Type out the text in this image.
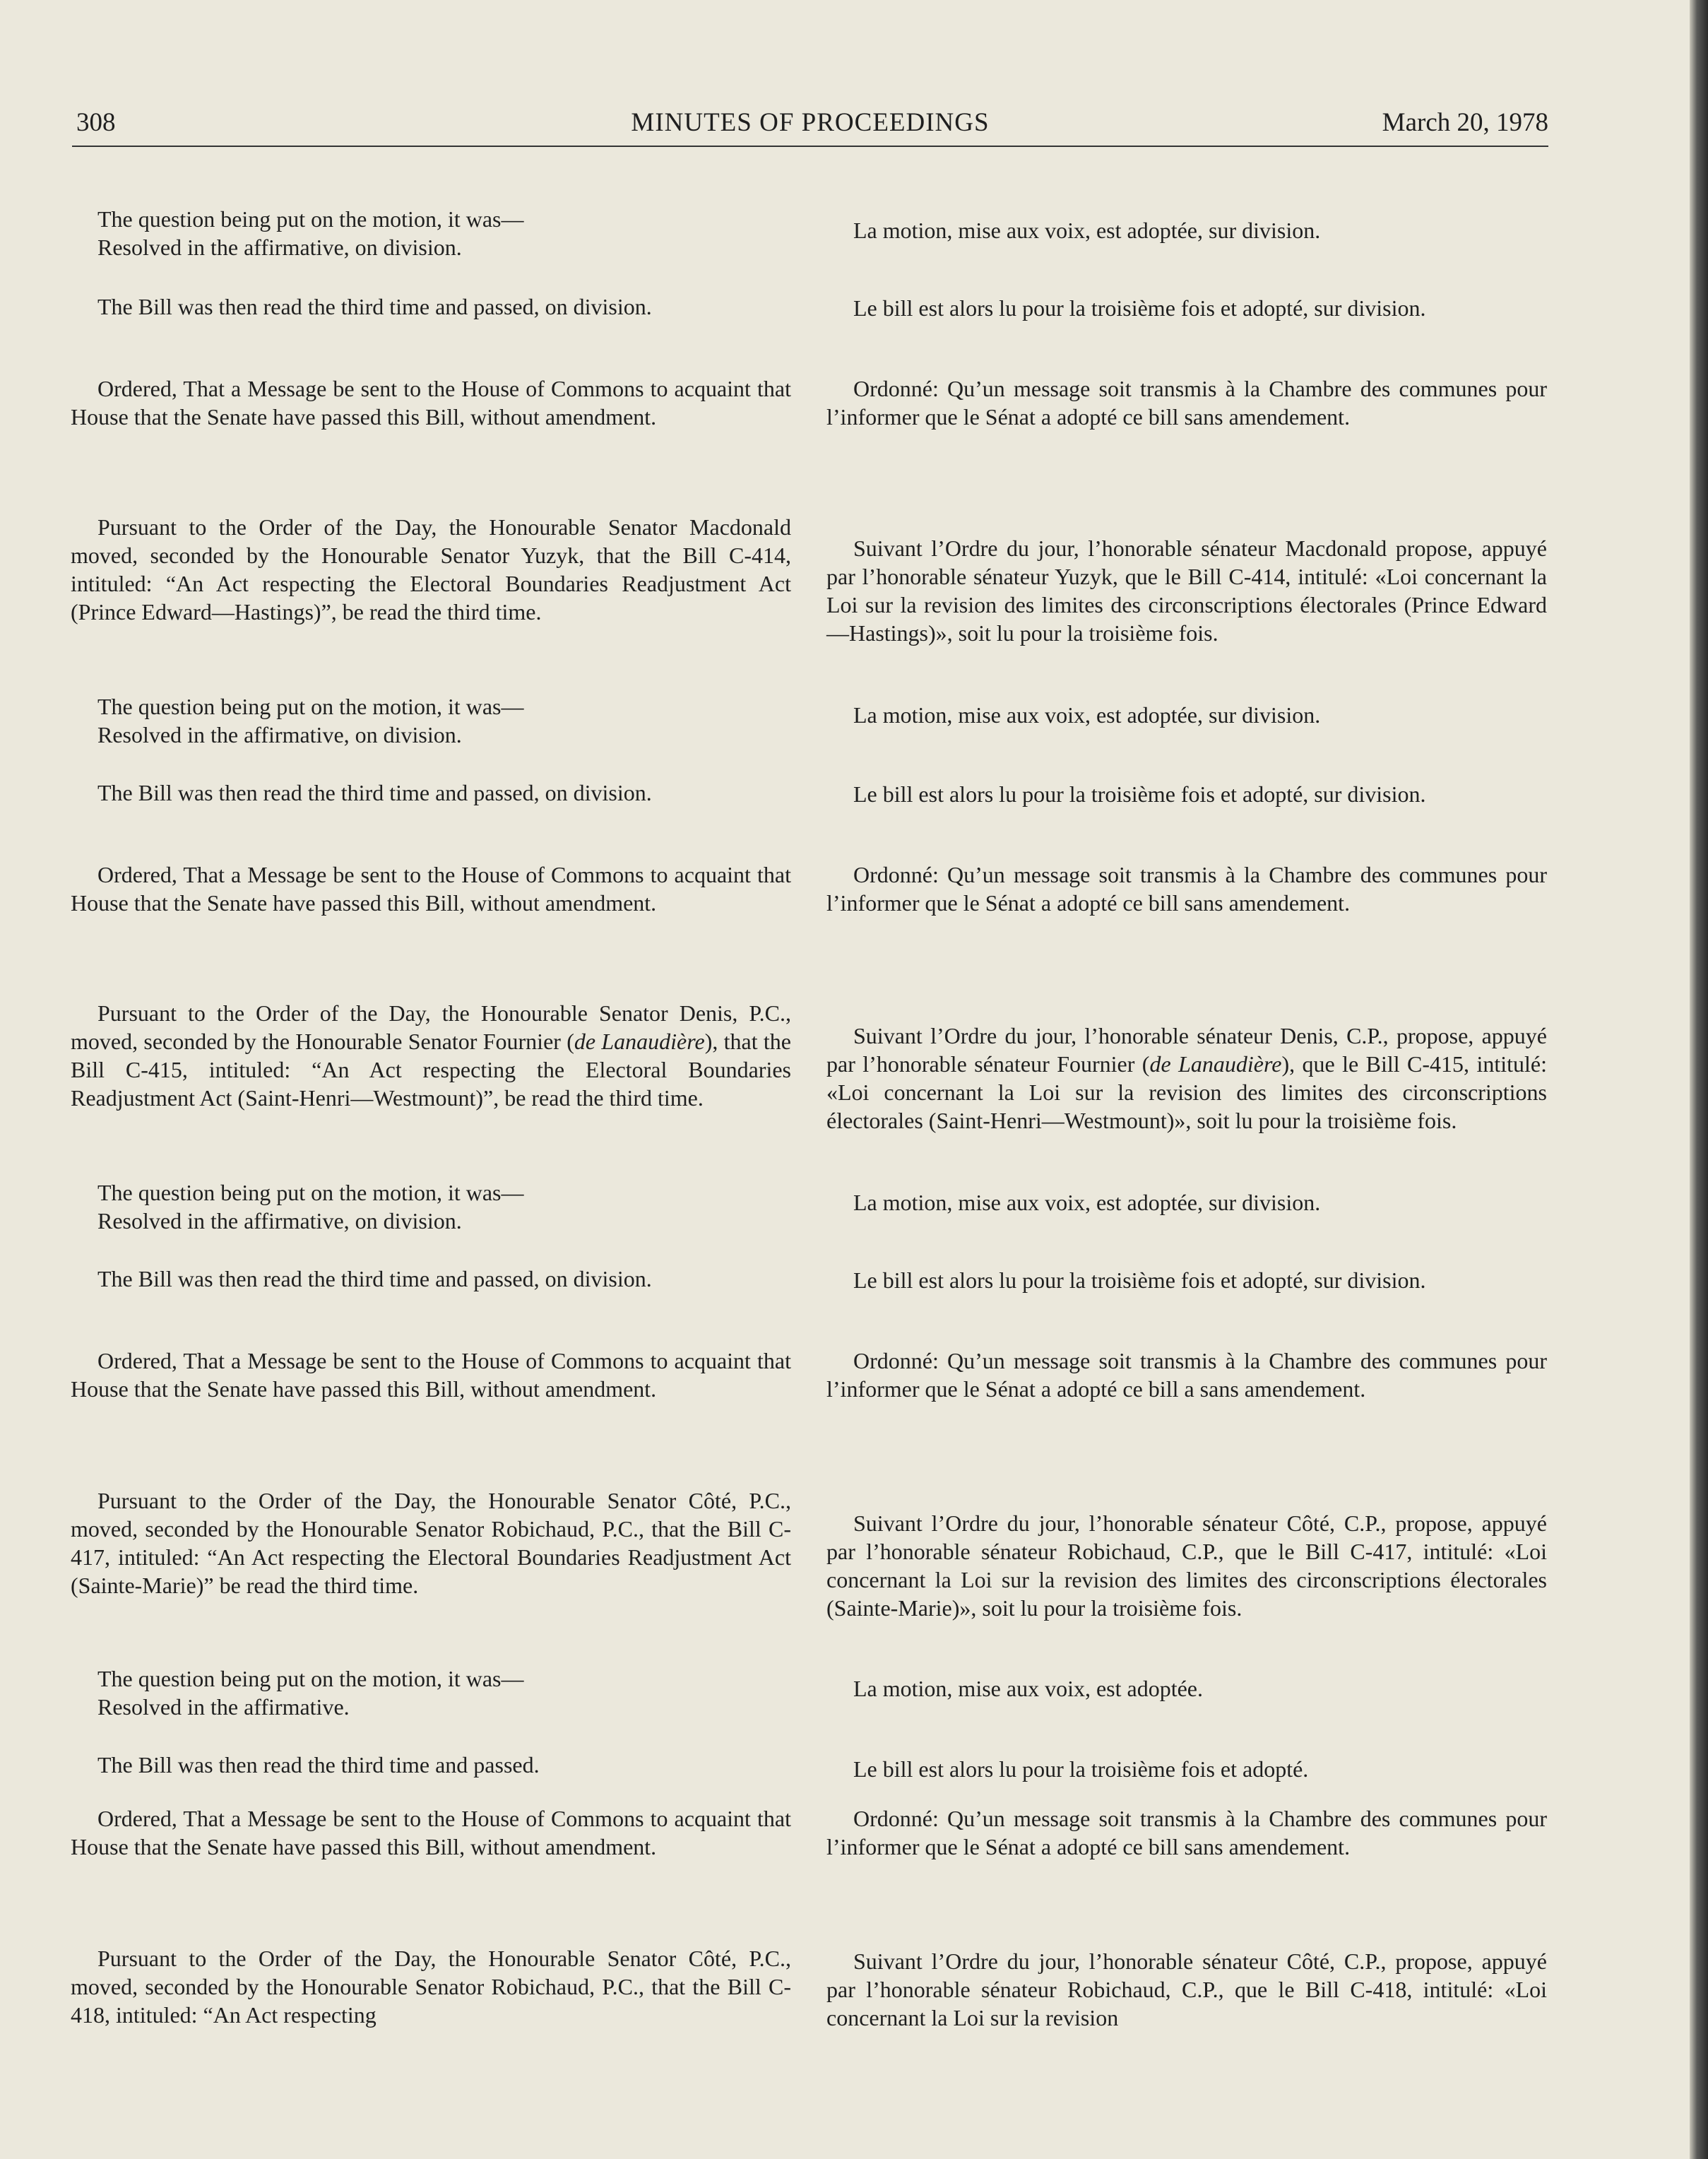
308	MINUTES OF PROCEEDINGS	March 20, 1978

The question being put on the motion, it was—

Resolved in the affirmative, on division.

The Bill was then read the third time and passed, on division.

Ordered, That a Message be sent to the House of Commons to acquaint that House that the Senate have passed this Bill, without amendment.

Pursuant to the Order of the Day, the Honourable Senator Macdonald moved, seconded by the Honourable Senator Yuzyk, that the Bill C-414, intituled: “An Act respecting the Electoral Boundaries Readjustment Act (Prince Edward—Hastings)”, be read the third time.

The question being put on the motion, it was—

Resolved in the affirmative, on division.

The Bill was then read the third time and passed, on division.

Ordered, That a Message be sent to the House of Commons to acquaint that House that the Senate have passed this Bill, without amendment.

Pursuant to the Order of the Day, the Honourable Senator Denis, P.C., moved, seconded by the Honourable Senator Fournier (de Lanaudière), that the Bill C-415, intituled: “An Act respecting the Electoral Boundaries Readjustment Act (Saint-Henri—Westmount)”, be read the third time.

The question being put on the motion, it was—

Resolved in the affirmative, on division.

The Bill was then read the third time and passed, on division.

Ordered, That a Message be sent to the House of Commons to acquaint that House that the Senate have passed this Bill, without amendment.

Pursuant to the Order of the Day, the Honourable Senator Côté, P.C., moved, seconded by the Honourable Senator Robichaud, P.C., that the Bill C-417, intituled: “An Act respecting the Electoral Boundaries Readjustment Act (Sainte-Marie)” be read the third time.

The question being put on the motion, it was—

Resolved in the affirmative.

The Bill was then read the third time and passed.

Ordered, That a Message be sent to the House of Commons to acquaint that House that the Senate have passed this Bill, without amendment.

Pursuant to the Order of the Day, the Honourable Senator Côté, P.C., moved, seconded by the Honourable Senator Robichaud, P.C., that the Bill C-418, intituled: “An Act respecting

La motion, mise aux voix, est adoptée, sur division.

Le bill est alors lu pour la troisième fois et adopté, sur division.

Ordonné: Qu’un message soit transmis à la Chambre des communes pour l’informer que le Sénat a adopté ce bill sans amendement.

Suivant l’Ordre du jour, l’honorable sénateur Macdonald propose, appuyé par l’honorable sénateur Yuzyk, que le Bill C-414, intitulé: «Loi concernant la Loi sur la revision des limites des circonscriptions électorales (Prince Edward—Hastings)», soit lu pour la troisième fois.

La motion, mise aux voix, est adoptée, sur division.

Le bill est alors lu pour la troisième fois et adopté, sur division.

Ordonné: Qu’un message soit transmis à la Chambre des communes pour l’informer que le Sénat a adopté ce bill sans amendement.

Suivant l’Ordre du jour, l’honorable sénateur Denis, C.P., propose, appuyé par l’honorable sénateur Fournier (de Lanaudière), que le Bill C-415, intitulé: «Loi concernant la Loi sur la revision des limites des circonscriptions électorales (Saint-Henri—Westmount)», soit lu pour la troisième fois.

La motion, mise aux voix, est adoptée, sur division.

Le bill est alors lu pour la troisième fois et adopté, sur division.

Ordonné: Qu’un message soit transmis à la Chambre des communes pour l’informer que le Sénat a adopté ce bill a sans amendement.

Suivant l’Ordre du jour, l’honorable sénateur Côté, C.P., propose, appuyé par l’honorable sénateur Robichaud, C.P., que le Bill C-417, intitulé: «Loi concernant la Loi sur la revision des limites des circonscriptions électorales (Sainte-Marie)», soit lu pour la troisième fois.

La motion, mise aux voix, est adoptée.

Le bill est alors lu pour la troisième fois et adopté.

Ordonné: Qu’un message soit transmis à la Chambre des communes pour l’informer que le Sénat a adopté ce bill sans amendement.

Suivant l’Ordre du jour, l’honorable sénateur Côté, C.P., propose, appuyé par l’honorable sénateur Robichaud, C.P., que le Bill C-418, intitulé: «Loi concernant la Loi sur la revision
